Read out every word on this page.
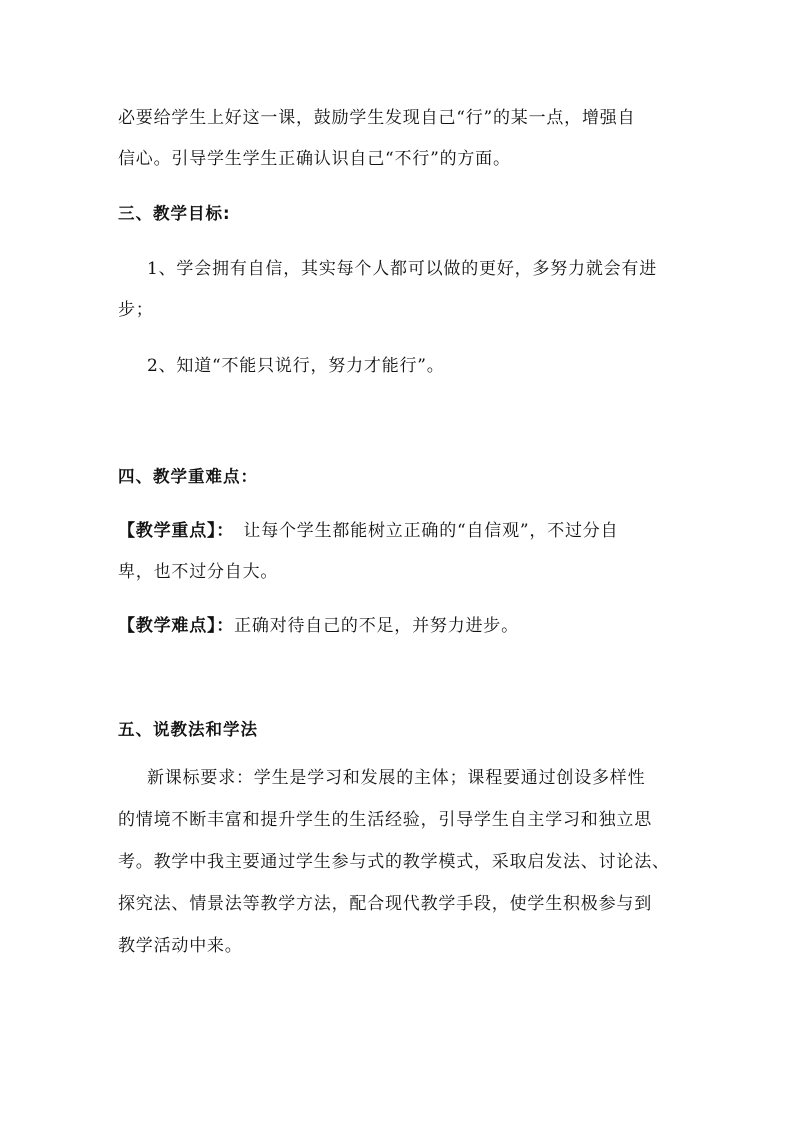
必要给学生上好这一课，鼓励学生发现自己“行”的某一点，增强自
信心。引导学生学生正确认识自己“不行”的方面。
三、教学目标:
1、学会拥有自信，其实每个人都可以做的更好，多努力就会有进
步；
2、知道“不能只说行，努力才能行”。
四、教学重难点：
【教学重点】：　让每个学生都能树立正确的“自信观”，不过分自
卑，也不过分自大。
【教学难点】：正确对待自己的不足，并努力进步。
五、说教法和学法
新课标要求：学生是学习和发展的主体；课程要通过创设多样性
的情境不断丰富和提升学生的生活经验，引导学生自主学习和独立思
考。教学中我主要通过学生参与式的教学模式，采取启发法、讨论法、
探究法、情景法等教学方法，配合现代教学手段，使学生积极参与到
教学活动中来。
